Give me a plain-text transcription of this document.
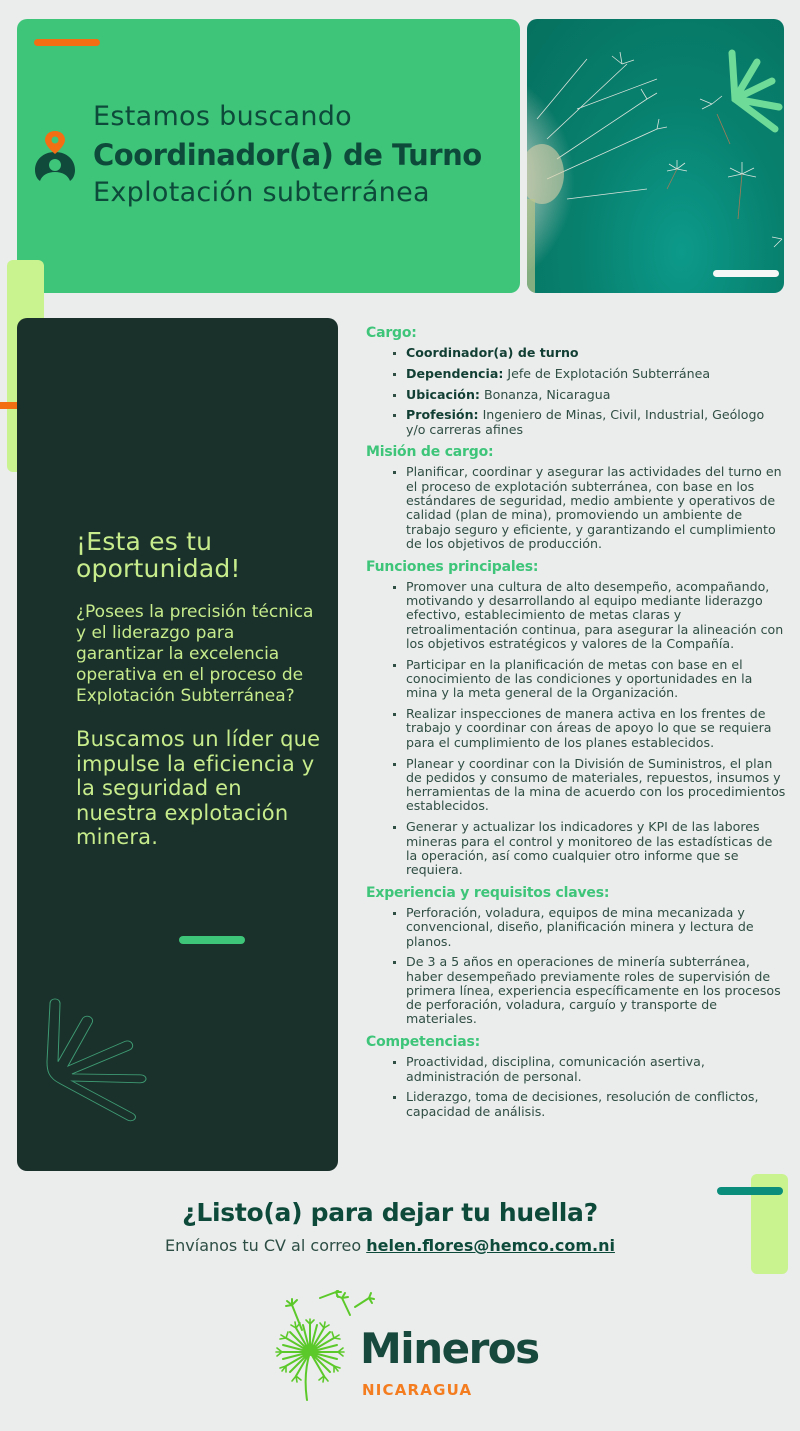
Estamos buscando
Coordinador(a) de Turno
Explotación subterránea
¡Esta es tu oportunidad!
¿Posees la precisión técnica y el liderazgo para garantizar la excelencia operativa en el proceso de Explotación Subterránea?
Buscamos un líder que impulse la eficiencia y la seguridad en nuestra explotación minera.
Cargo:
Coordinador(a) de turno
Dependencia: Jefe de Explotación Subterránea
Ubicación: Bonanza, Nicaragua
Profesión: Ingeniero de Minas, Civil, Industrial, Geólogo y/o carreras afines
Misión de cargo:
Planificar, coordinar y asegurar las actividades del turno en el proceso de explotación subterránea, con base en los estándares de seguridad, medio ambiente y operativos de calidad (plan de mina), promoviendo un ambiente de trabajo seguro y eficiente, y garantizando el cumplimiento de los objetivos de producción.
Funciones principales:
Promover una cultura de alto desempeño, acompañando, motivando y desarrollando al equipo mediante liderazgo efectivo, establecimiento de metas claras y retroalimentación continua, para asegurar la alineación con los objetivos estratégicos y valores de la Compañía.
Participar en la planificación de metas con base en el conocimiento de las condiciones y oportunidades en la mina y la meta general de la Organización.
Realizar inspecciones de manera activa en los frentes de trabajo y coordinar con áreas de apoyo lo que se requiera para el cumplimiento de los planes establecidos.
Planear y coordinar con la División de Suministros, el plan de pedidos y consumo de materiales, repuestos, insumos y herramientas de la mina de acuerdo con los procedimientos establecidos.
Generar y actualizar los indicadores y KPI de las labores mineras para el control y monitoreo de las estadísticas de la operación, así como cualquier otro informe que se requiera.
Experiencia y requisitos claves:
Perforación, voladura, equipos de mina mecanizada y convencional, diseño, planificación minera y lectura de planos.
De 3 a 5 años en operaciones de minería subterránea, haber desempeñado previamente roles de supervisión de primera línea, experiencia específicamente en los procesos de perforación, voladura, carguío y transporte de materiales.
Competencias:
Proactividad, disciplina, comunicación asertiva, administración de personal.
Liderazgo, toma de decisiones, resolución de conflictos, capacidad de análisis.
¿Listo(a) para dejar tu huella?
Envíanos tu CV al correo helen.flores@hemco.com.ni
Mineros
NICARAGUA
